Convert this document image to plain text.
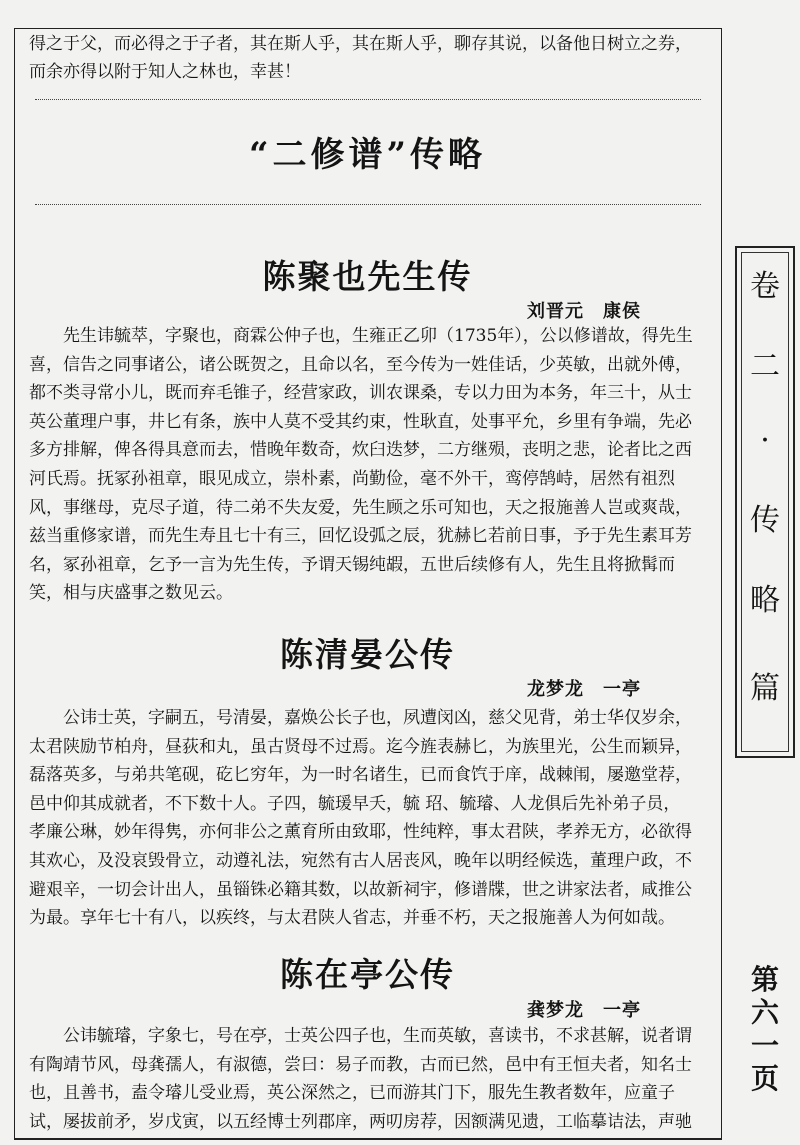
得之于父，而必得之于子者，其在斯人乎，其在斯人乎，聊存其说，以备他日树立之券，
而余亦得以附于知人之林也，幸甚！
“二修谱”传略
陈聚也先生传
刘晋元　康侯
　　先生讳毓萃，字聚也，商霖公仲子也，生雍正乙卯（1735年），公以修谱故，得先生
喜，信告之同事诸公，诸公既贺之，且命以名，至今传为一姓佳话，少英敏，出就外傅，
都不类寻常小儿，既而弃毛锥子，经营家政，训农课桑，专以力田为本务，年三十，从士
英公董理户事，井匕有条，族中人莫不受其约束，性耿直，处事平允，乡里有争端，先必
多方排解，俾各得具意而去，惜晚年数奇，炊臼迭梦，二方继殒，丧明之悲，论者比之西
河氏焉。抚冢孙祖章，眼见成立，崇朴素，尚勤俭，毫不外干，鸾停鹄峙，居然有祖烈
风，事继母，克尽子道，待二弟不失友爱，先生顾之乐可知也，天之报施善人岂或爽哉，
兹当重修家谱，而先生寿且七十有三，回忆设弧之辰，犹赫匕若前日事，予于先生素耳芳
名，冢孙祖章，乞予一言为先生传，予谓天锡纯嘏，五世后续修有人，先生且将掀髯而
笑，相与庆盛事之数见云。
陈清晏公传
龙梦龙　一亭
　　公讳士英，字嗣五，号清晏，嘉焕公长子也，夙遭闵凶，慈父见背，弟士华仅岁余，
太君陕励节柏舟，昼荻和丸，虽古贤母不过焉。迄今旌表赫匕，为族里光，公生而颖异，
磊落英多，与弟共笔砚，矻匕穷年，为一时名诸生，已而食饩于庠，战棘闱，屡邀堂荐，
邑中仰其成就者，不下数十人。子四，毓瑗早夭，毓 玿、毓璿、人龙俱后先补弟子员，
孝廉公琳，妙年得隽，亦何非公之薰育所由致耶，性纯粹，事太君陕，孝养无方，必欲得
其欢心，及没哀毁骨立，动遵礼法，宛然有古人居丧风，晚年以明经候选，董理户政，不
避艰辛，一切会计出人，虽锱铢必籍其数，以故新祠宇，修谱牒，世之讲家法者，咸推公
为最。享年七十有八，以疾终，与太君陕人省志，并垂不朽，天之报施善人为何如哉。
陈在亭公传
龚梦龙　一亭
　　公讳毓璿，字象七，号在亭，士英公四子也，生而英敏，喜读书，不求甚解，说者谓
有陶靖节风，母龚孺人，有淑德，尝曰：易子而教，古而已然，邑中有王恒夫者，知名士
也，且善书，盍令璿儿受业焉，英公深然之，已而游其门下，服先生教者数年，应童子
试，屡拔前矛，岁戊寅，以五经博士列郡庠，两叨房荐，因额满见遗，工临摹诘法，声驰
卷
二
·
传
略
篇
第
六
一
页
